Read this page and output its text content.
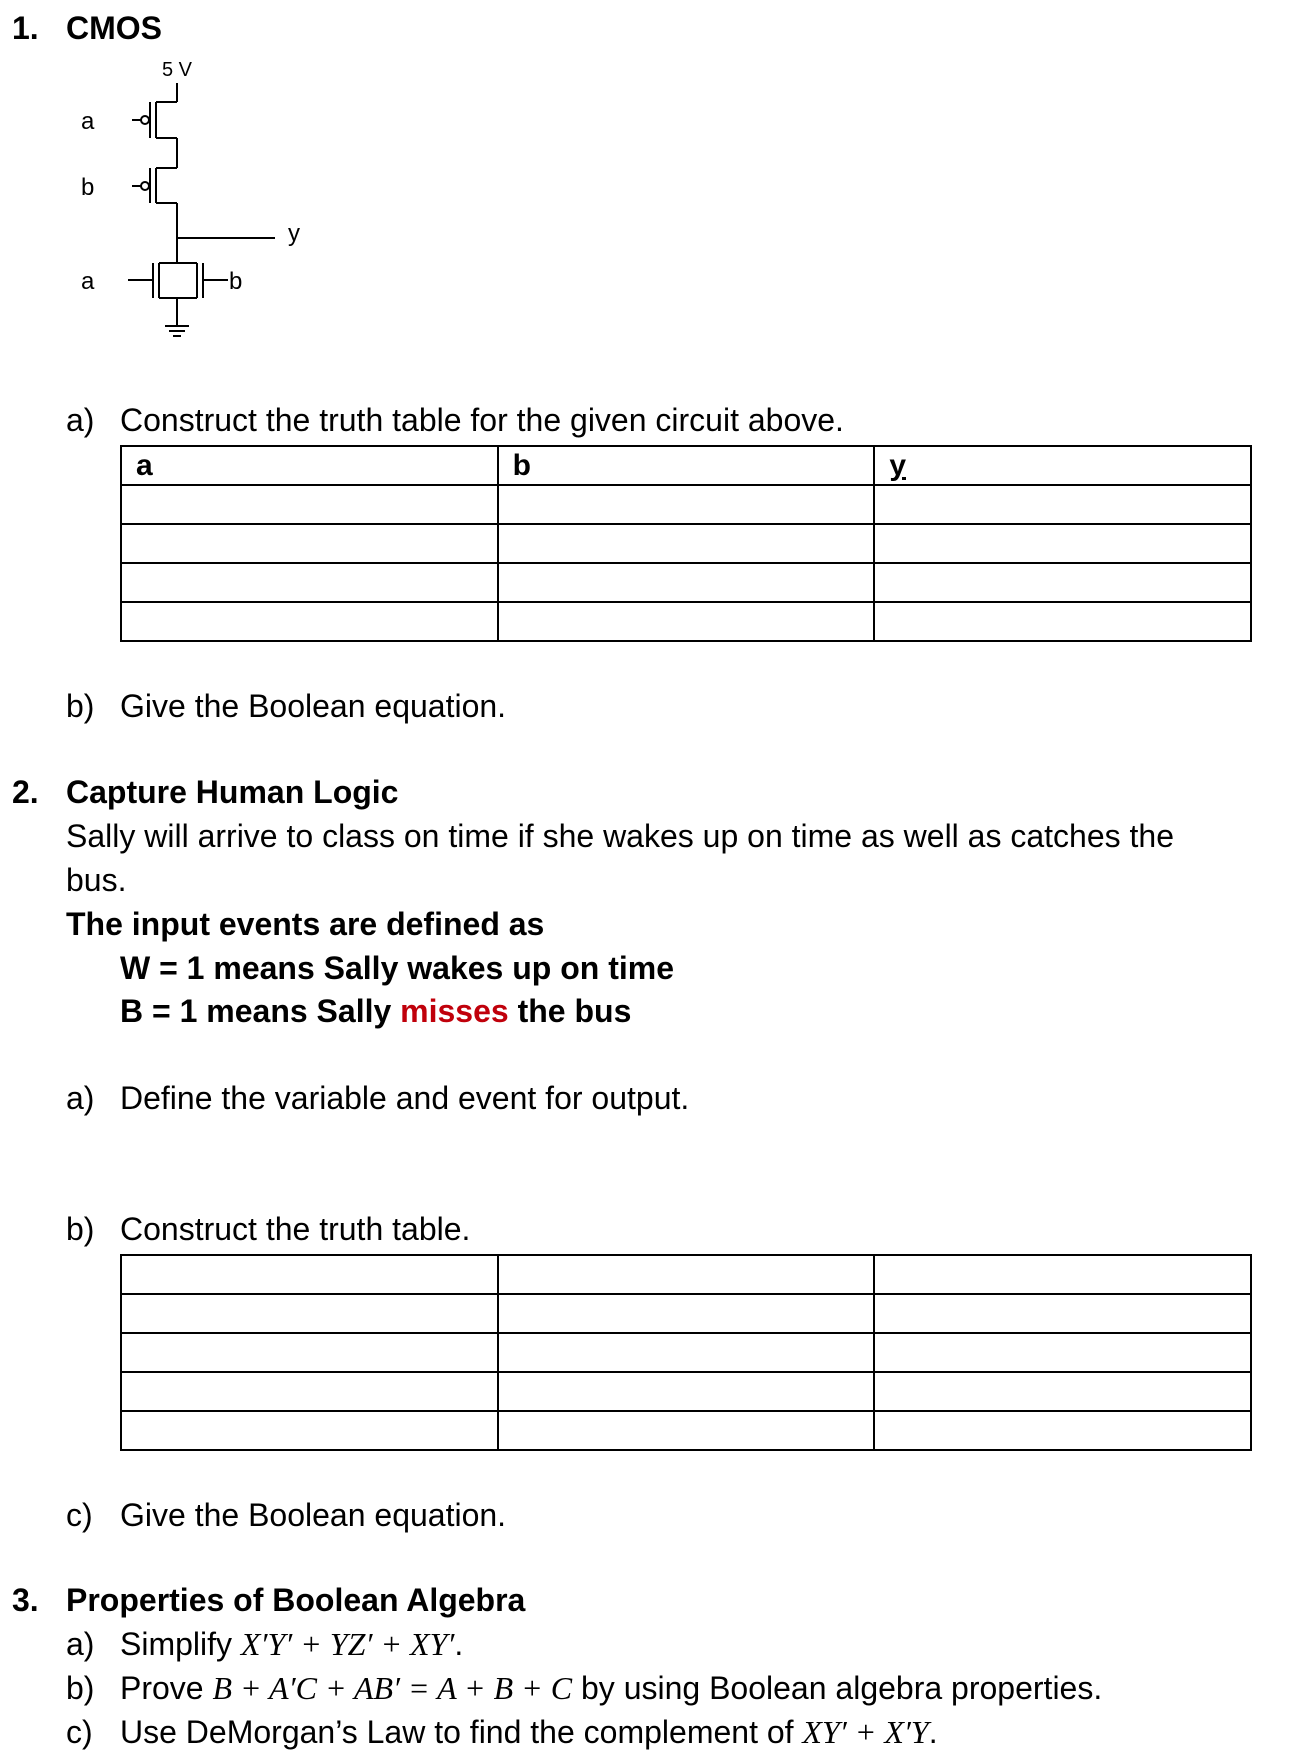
1. CMOS
5 V
a
b
y
a	b
a) Construct the truth table for the given circuit above.
a	b	y

b) Give the Boolean equation.
2. Capture Human Logic
Sally will arrive to class on time if she wakes up on time as well as catches the
bus.
The input events are defined as
W = 1 means Sally wakes up on time
B = 1 means Sally misses the bus
a) Define the variable and event for output.
b) Construct the truth table.

c) Give the Boolean equation.
3. Properties of Boolean Algebra
a) Simplify X′Y′ + YZ′ + XY′.
b) Prove B + A′C + AB′ = A + B + C by using Boolean algebra properties.
c) Use DeMorgan’s Law to find the complement of XY′ + X′Y.
